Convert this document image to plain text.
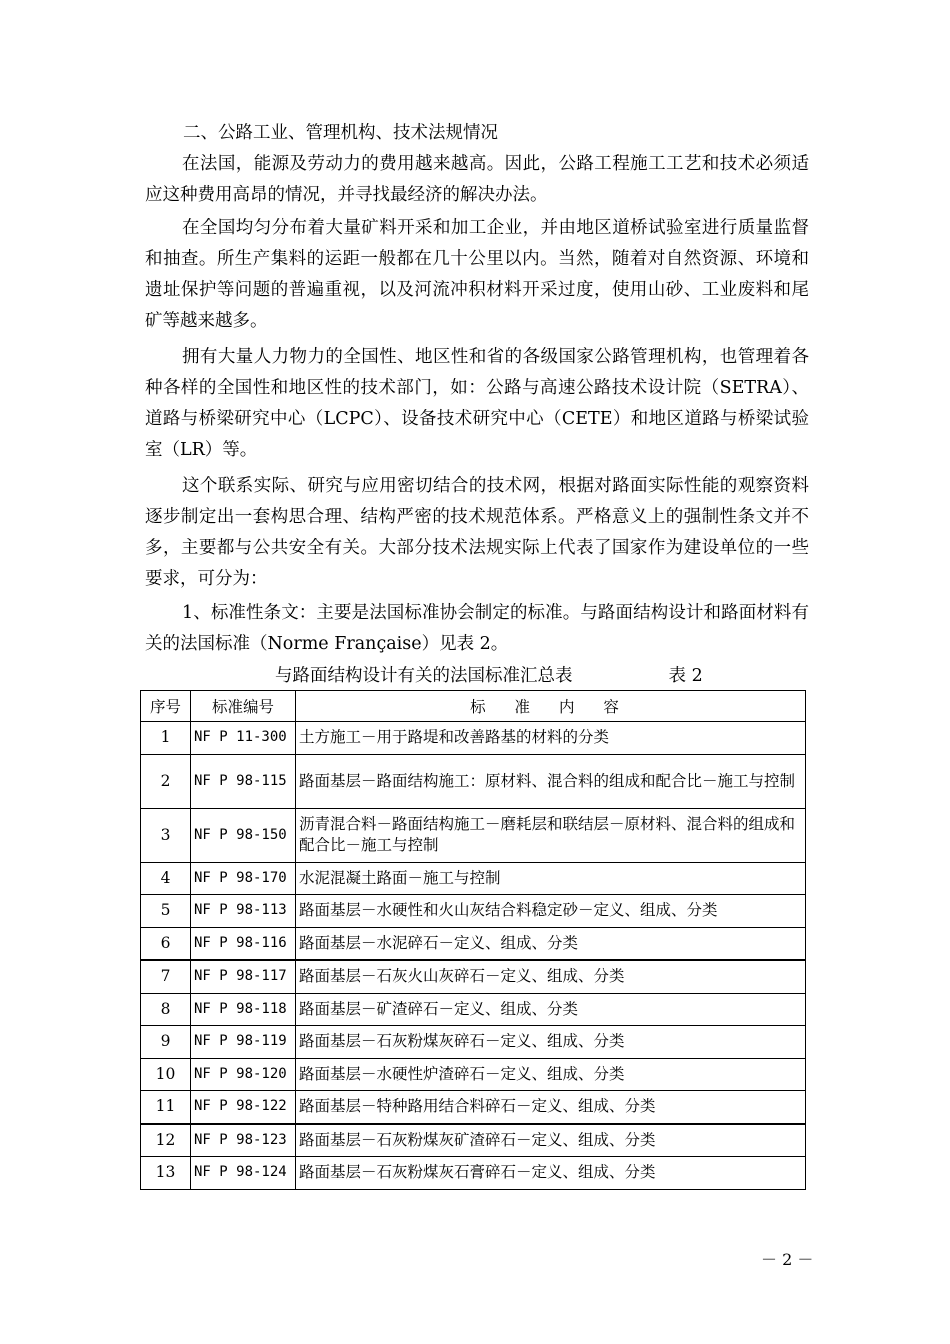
二、公路工业、管理机构、技术法规情况

在法国，能源及劳动力的费用越来越高。因此，公路工程施工工艺和技术必须适应这种费用高昂的情况，并寻找最经济的解决办法。

在全国均匀分布着大量矿料开采和加工企业，并由地区道桥试验室进行质量监督和抽查。所生产集料的运距一般都在几十公里以内。当然，随着对自然资源、环境和遗址保护等问题的普遍重视，以及河流冲积材料开采过度，使用山砂、工业废料和尾矿等越来越多。

拥有大量人力物力的全国性、地区性和省的各级国家公路管理机构，也管理着各种各样的全国性和地区性的技术部门，如：公路与高速公路技术设计院（SETRA）、道路与桥梁研究中心（LCPC）、设备技术研究中心（CETE）和地区道路与桥梁试验室（LR）等。

这个联系实际、研究与应用密切结合的技术网，根据对路面实际性能的观察资料逐步制定出一套构思合理、结构严密的技术规范体系。严格意义上的强制性条文并不多，主要都与公共安全有关。大部分技术法规实际上代表了国家作为建设单位的一些要求，可分为：

1、标准性条文：主要是法国标准协会制定的标准。与路面结构设计和路面材料有关的法国标准（Norme Française）见表 2。

与路面结构设计有关的法国标准汇总表	表 2
序号	标准编号	标 准 内 容
1	NF P 11-300	土方施工－用于路堤和改善路基的材料的分类
2	NF P 98-115	路面基层－路面结构施工：原材料、混合料的组成和配合比－施工与控制
3	NF P 98-150	沥青混合料－路面结构施工－磨耗层和联结层－原材料、混合料的组成和配合比－施工与控制
4	NF P 98-170	水泥混凝土路面－施工与控制
5	NF P 98-113	路面基层－水硬性和火山灰结合料稳定砂－定义、组成、分类
6	NF P 98-116	路面基层－水泥碎石－定义、组成、分类
7	NF P 98-117	路面基层－石灰火山灰碎石－定义、组成、分类
8	NF P 98-118	路面基层－矿渣碎石－定义、组成、分类
9	NF P 98-119	路面基层－石灰粉煤灰碎石－定义、组成、分类
10	NF P 98-120	路面基层－水硬性炉渣碎石－定义、组成、分类
11	NF P 98-122	路面基层－特种路用结合料碎石－定义、组成、分类
12	NF P 98-123	路面基层－石灰粉煤灰矿渣碎石－定义、组成、分类
13	NF P 98-124	路面基层－石灰粉煤灰石膏碎石－定义、组成、分类
－ 2 －
